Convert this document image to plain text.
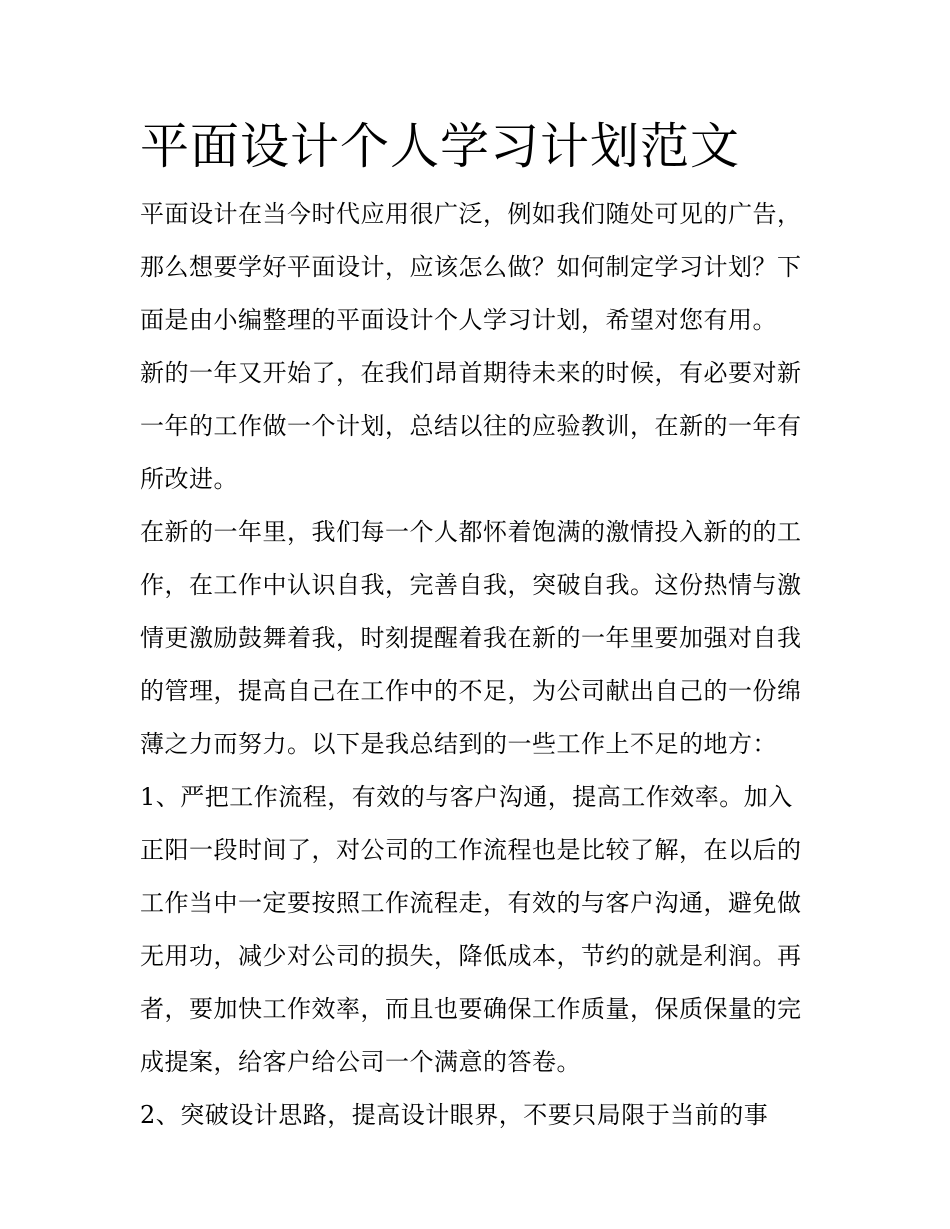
平面设计个人学习计划范文
平面设计在当今时代应用很广泛，例如我们随处可见的广告，
那么想要学好平面设计，应该怎么做？如何制定学习计划？下
面是由小编整理的平面设计个人学习计划，希望对您有用。
新的一年又开始了，在我们昂首期待未来的时候，有必要对新
一年的工作做一个计划，总结以往的应验教训，在新的一年有
所改进。
在新的一年里，我们每一个人都怀着饱满的激情投入新的的工
作，在工作中认识自我，完善自我，突破自我。这份热情与激
情更激励鼓舞着我，时刻提醒着我在新的一年里要加强对自我
的管理，提高自己在工作中的不足，为公司献出自己的一份绵
薄之力而努力。以下是我总结到的一些工作上不足的地方：
1、严把工作流程，有效的与客户沟通，提高工作效率。加入
正阳一段时间了，对公司的工作流程也是比较了解，在以后的
工作当中一定要按照工作流程走，有效的与客户沟通，避免做
无用功，减少对公司的损失，降低成本，节约的就是利润。再
者，要加快工作效率，而且也要确保工作质量，保质保量的完
成提案，给客户给公司一个满意的答卷。
2、突破设计思路，提高设计眼界，不要只局限于当前的事
